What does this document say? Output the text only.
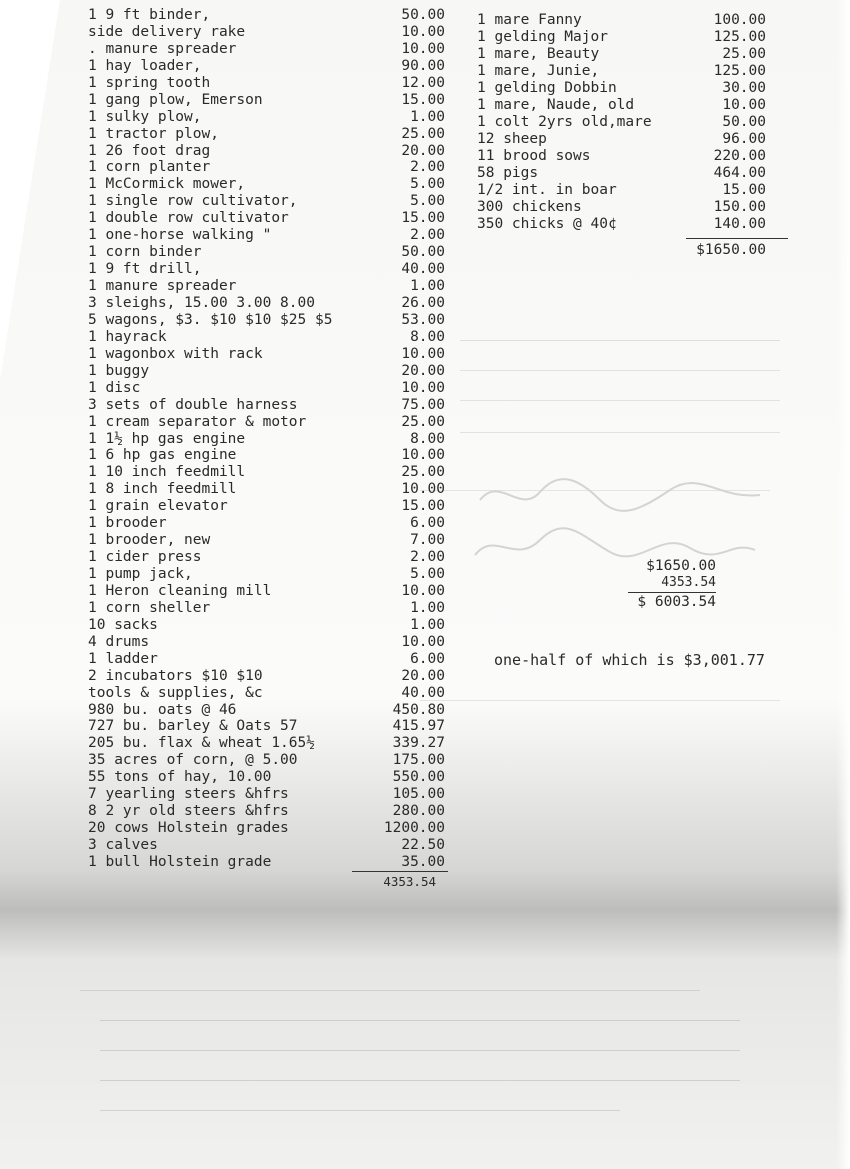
1 9 ft binder,	50.00
side delivery rake	10.00
. manure spreader	10.00
1 hay loader,	90.00
1 spring tooth	12.00
1 gang plow, Emerson	15.00
1 sulky plow,	1.00
1 tractor plow,	25.00
1 26 foot drag	20.00
1 corn planter	2.00
1 McCormick mower,	5.00
1 single row cultivator,	5.00
1 double row cultivator	15.00
1 one-horse walking "	2.00
1 corn binder	50.00
1 9 ft drill,	40.00
1 manure spreader	1.00
3 sleighs, 15.00 3.00 8.00	26.00
5 wagons, $3. $10 $10 $25 $5	53.00
1 hayrack	8.00
1 wagonbox with rack	10.00
1 buggy	20.00
1 disc	10.00
3 sets of double harness	75.00
1 cream separator & motor	25.00
1 1½ hp gas engine	8.00
1 6 hp gas engine	10.00
1 10 inch feedmill	25.00
1 8 inch feedmill	10.00
1 grain elevator	15.00
1 brooder	6.00
1 brooder, new	7.00
1 cider press	2.00
1 pump jack,	5.00
1 Heron cleaning mill	10.00
1 corn sheller	1.00
10 sacks	1.00
4 drums	10.00
1 ladder	6.00
2 incubators $10 $10	20.00
tools & supplies, &c	40.00
980 bu. oats @ 46	450.80
727 bu. barley & Oats 57	415.97
205 bu. flax & wheat 1.65½	339.27
35 acres of corn, @ 5.00	175.00
55 tons of hay, 10.00	550.00
7 yearling steers &hfrs	105.00
8 2 yr old steers &hfrs	280.00
20 cows Holstein grades	1200.00
3 calves	22.50
1 bull Holstein grade	35.00
4353.54
1 mare Fanny	100.00
1 gelding Major	125.00
1 mare, Beauty	25.00
1 mare, Junie,	125.00
1 gelding Dobbin	30.00
1 mare, Naude, old	10.00
1 colt 2yrs old,mare	50.00
12 sheep	96.00
11 brood sows	220.00
58 pigs	464.00
1/2 int. in boar	15.00
300 chickens	150.00
350 chicks @ 40¢	140.00
$1650.00
$1650.00
4353.54
$ 6003.54
one-half of which is $3,001.77
